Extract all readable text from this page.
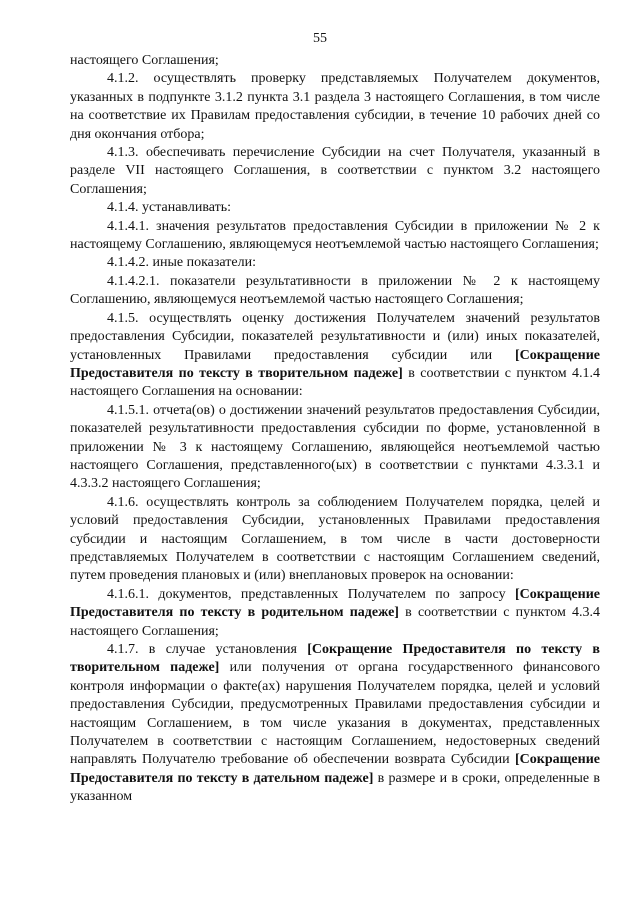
55

настоящего Соглашения;

4.1.2. осуществлять проверку представляемых Получателем документов, указанных в подпункте 3.1.2 пункта 3.1 раздела 3 настоящего Соглашения, в том числе на соответствие их Правилам предоставления субсидии, в течение 10 рабочих дней со дня окончания отбора;

4.1.3. обеспечивать перечисление Субсидии на счет Получателя, указанный в разделе VII настоящего Соглашения, в соответствии с пунктом 3.2 настоящего Соглашения;

4.1.4. устанавливать:

4.1.4.1. значения результатов предоставления Субсидии в приложении № 2 к настоящему Соглашению, являющемуся неотъемлемой частью настоящего Соглашения;

4.1.4.2. иные показатели:

4.1.4.2.1. показатели результативности в приложении № 2 к настоящему Соглашению, являющемуся неотъемлемой частью настоящего Соглашения;

4.1.5. осуществлять оценку достижения Получателем значений результатов предоставления Субсидии, показателей результативности и (или) иных показателей, установленных Правилами предоставления субсидии или [Сокращение Предоставителя по тексту в творительном падеже] в соответствии с пунктом 4.1.4 настоящего Соглашения на основании:

4.1.5.1. отчета(ов) о достижении значений результатов предоставления Субсидии, показателей результативности предоставления субсидии по форме, установленной в приложении № 3 к настоящему Соглашению, являющейся неотъемлемой частью настоящего Соглашения, представленного(ых) в соответствии с пунктами 4.3.3.1 и 4.3.3.2 настоящего Соглашения;

4.1.6. осуществлять контроль за соблюдением Получателем порядка, целей и условий предоставления Субсидии, установленных Правилами предоставления субсидии и настоящим Соглашением, в том числе в части достоверности представляемых Получателем в соответствии с настоящим Соглашением сведений, путем проведения плановых и (или) внеплановых проверок на основании:

4.1.6.1. документов, представленных Получателем по запросу [Сокращение Предоставителя по тексту в родительном падеже] в соответствии с пунктом 4.3.4 настоящего Соглашения;

4.1.7. в случае установления [Сокращение Предоставителя по тексту в творительном падеже] или получения от органа государственного финансового контроля информации о факте(ах) нарушения Получателем порядка, целей и условий предоставления Субсидии, предусмотренных Правилами предоставления субсидии и настоящим Соглашением, в том числе указания в документах, представленных Получателем в соответствии с настоящим Соглашением, недостоверных сведений направлять Получателю требование об обеспечении возврата Субсидии [Сокращение Предоставителя по тексту в дательном падеже] в размере и в сроки, определенные в указанном
